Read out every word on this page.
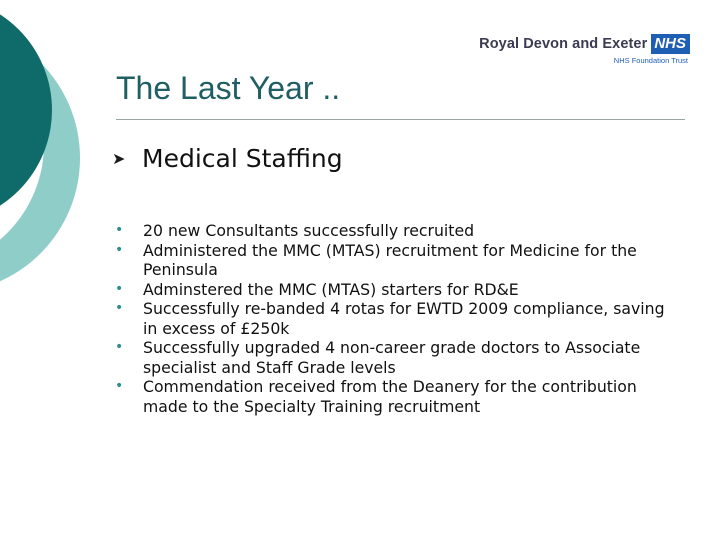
Royal Devon and Exeter NHS
NHS Foundation Trust
The Last Year ..
➤ Medical Staffing
•	20 new Consultants successfully recruited
•	Administered the MMC (MTAS) recruitment for Medicine for the Peninsula
•	Adminstered the MMC (MTAS) starters for RD&E
•	Successfully re-banded 4 rotas for EWTD 2009 compliance, saving in excess of £250k
•	Successfully upgraded 4 non-career grade doctors to Associate specialist and Staff Grade levels
•	Commendation received from the Deanery for the contribution made to the Specialty Training recruitment
